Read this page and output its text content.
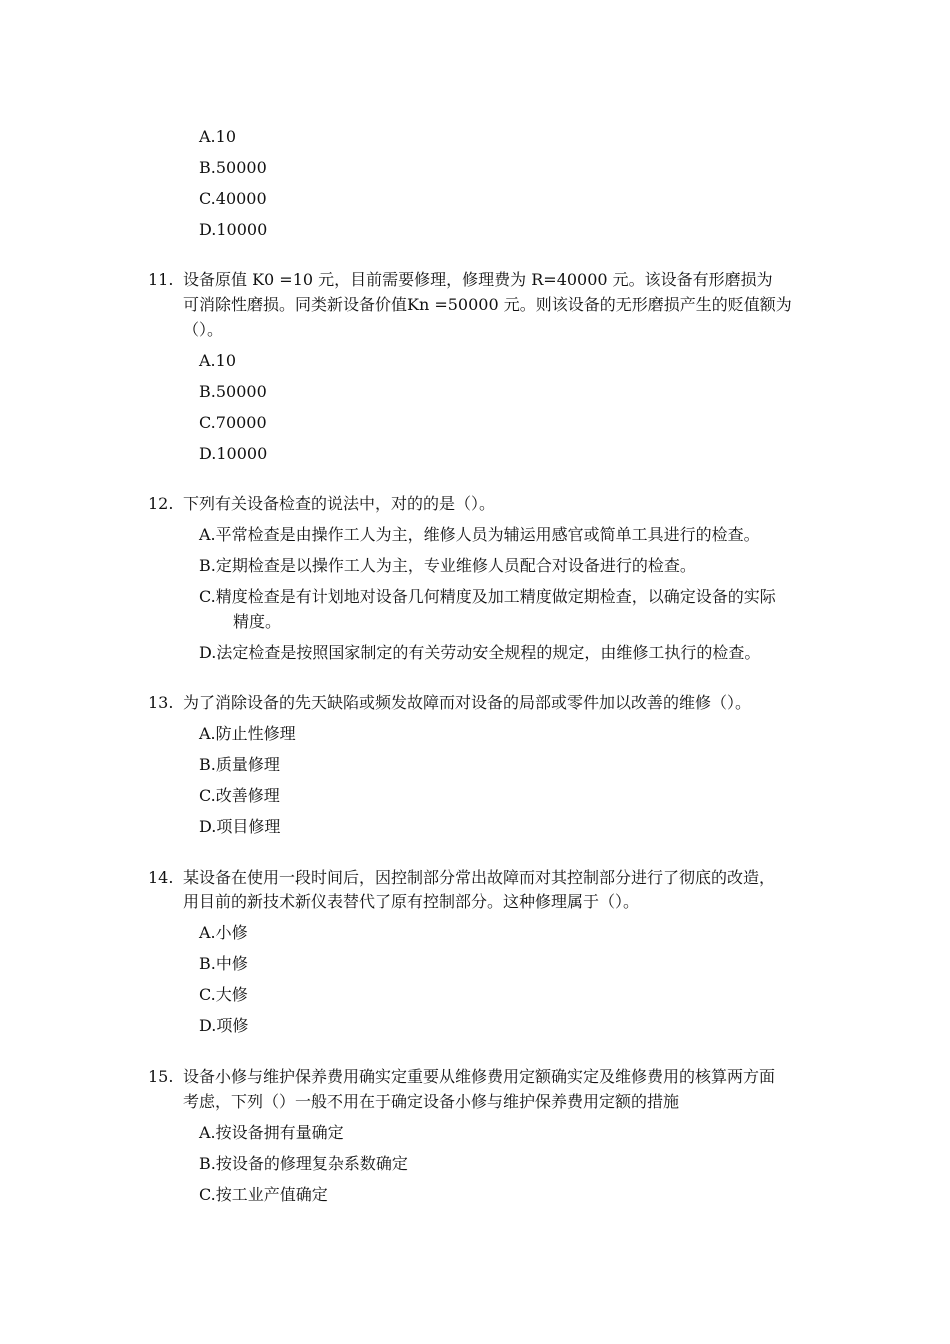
A.10
B.50000
C.40000
D.10000
11. 设备原值 K0 =10 元，目前需要修理，修理费为 R=40000 元。该设备有形磨损为
可消除性磨损。同类新设备价值Kn =50000 元。则该设备的无形磨损产生的贬值额为
（）。
A.10
B.50000
C.70000
D.10000
12. 下列有关设备检查的说法中，对的的是（）。
A.平常检查是由操作工人为主，维修人员为辅运用感官或简单工具进行的检查。
B.定期检查是以操作工人为主，专业维修人员配合对设备进行的检查。
C.精度检查是有计划地对设备几何精度及加工精度做定期检查，以确定设备的实际
精度。
D.法定检查是按照国家制定的有关劳动安全规程的规定，由维修工执行的检查。
13. 为了消除设备的先天缺陷或频发故障而对设备的局部或零件加以改善的维修（）。
A.防止性修理
B.质量修理
C.改善修理
D.项目修理
14. 某设备在使用一段时间后，因控制部分常出故障而对其控制部分进行了彻底的改造，
用目前的新技术新仪表替代了原有控制部分。这种修理属于（）。
A.小修
B.中修
C.大修
D.项修
15. 设备小修与维护保养费用确实定重要从维修费用定额确实定及维修费用的核算两方面
考虑，下列（）一般不用在于确定设备小修与维护保养费用定额的措施
A.按设备拥有量确定
B.按设备的修理复杂系数确定
C.按工业产值确定
